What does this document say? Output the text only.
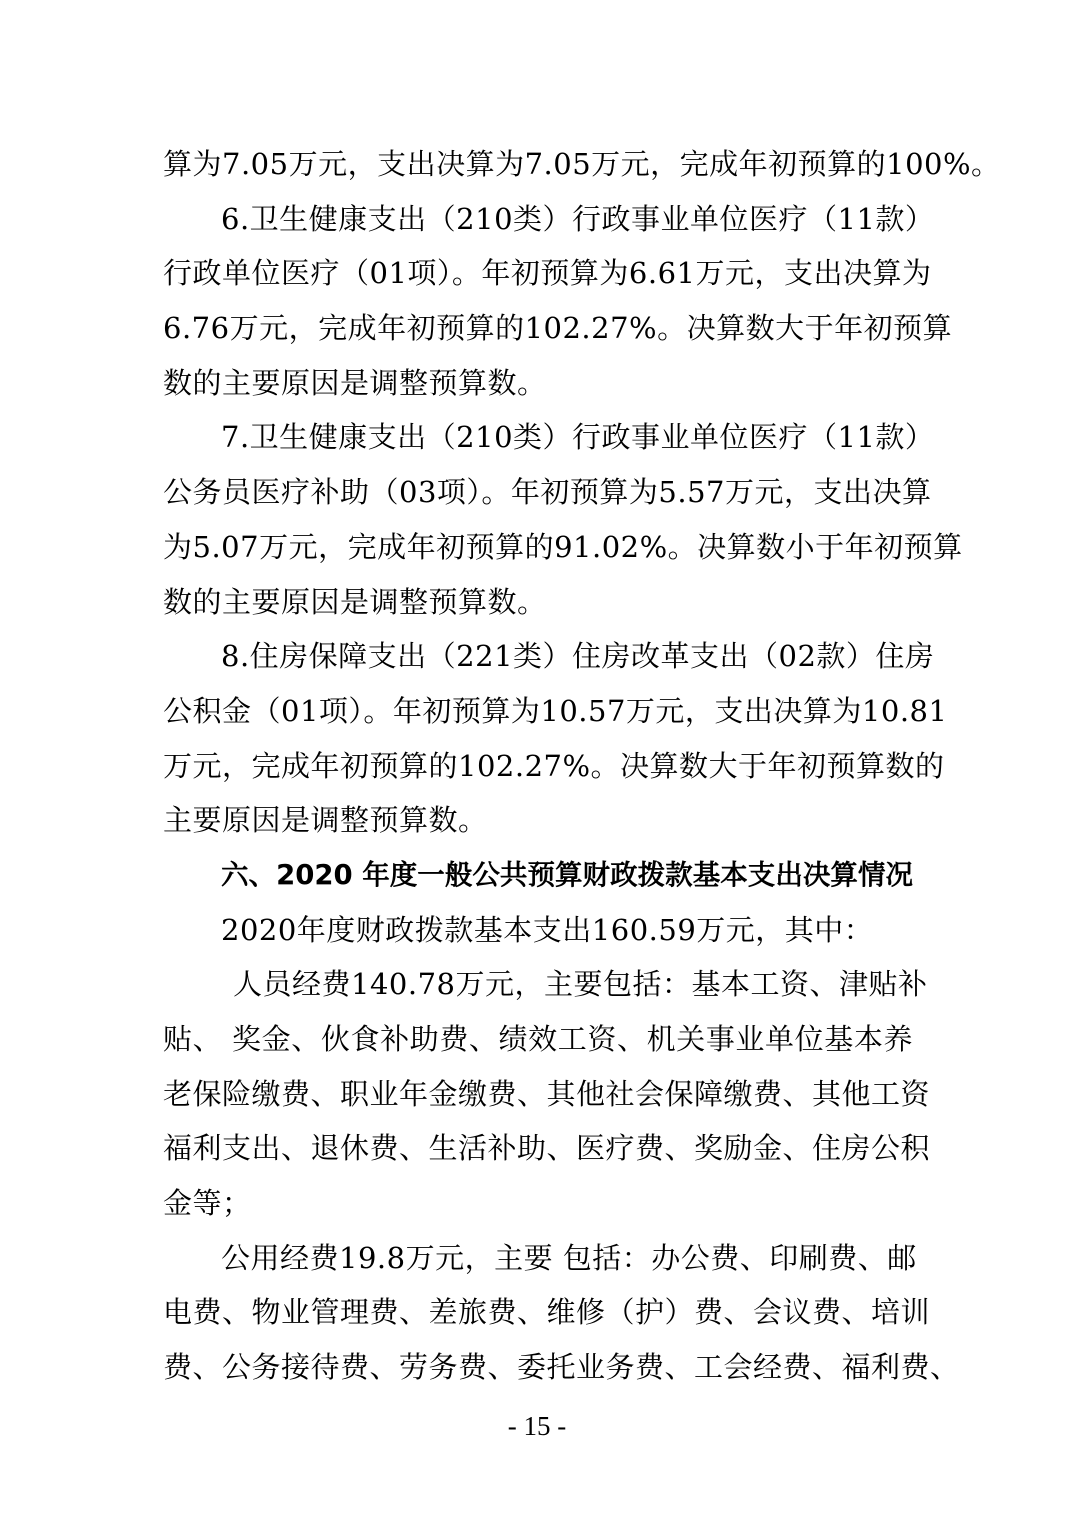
算为7.05万元，支出决算为7.05万元，完成年初预算的100%。
6.卫生健康支出（210类）行政事业单位医疗（11款）
行政单位医疗（01项）。年初预算为6.61万元，支出决算为
6.76万元，完成年初预算的102.27%。决算数大于年初预算
数的主要原因是调整预算数。
7.卫生健康支出（210类）行政事业单位医疗（11款）
公务员医疗补助（03项）。年初预算为5.57万元，支出决算
为5.07万元，完成年初预算的91.02%。决算数小于年初预算
数的主要原因是调整预算数。
8.住房保障支出（221类）住房改革支出（02款）住房
公积金（01项）。年初预算为10.57万元，支出决算为10.81
万元，完成年初预算的102.27%。决算数大于年初预算数的
主要原因是调整预算数。
六、2020 年度一般公共预算财政拨款基本支出决算情况
2020年度财政拨款基本支出160.59万元，其中：
人员经费140.78万元，主要包括：基本工资、津贴补
贴、 奖金、伙食补助费、绩效工资、机关事业单位基本养
老保险缴费、职业年金缴费、其他社会保障缴费、其他工资
福利支出、退休费、生活补助、医疗费、奖励金、住房公积
金等；
公用经费19.8万元，主要 包括：办公费、印刷费、邮
电费、物业管理费、差旅费、维修（护）费、会议费、培训
费、公务接待费、劳务费、委托业务费、工会经费、福利费、
- 15 -
